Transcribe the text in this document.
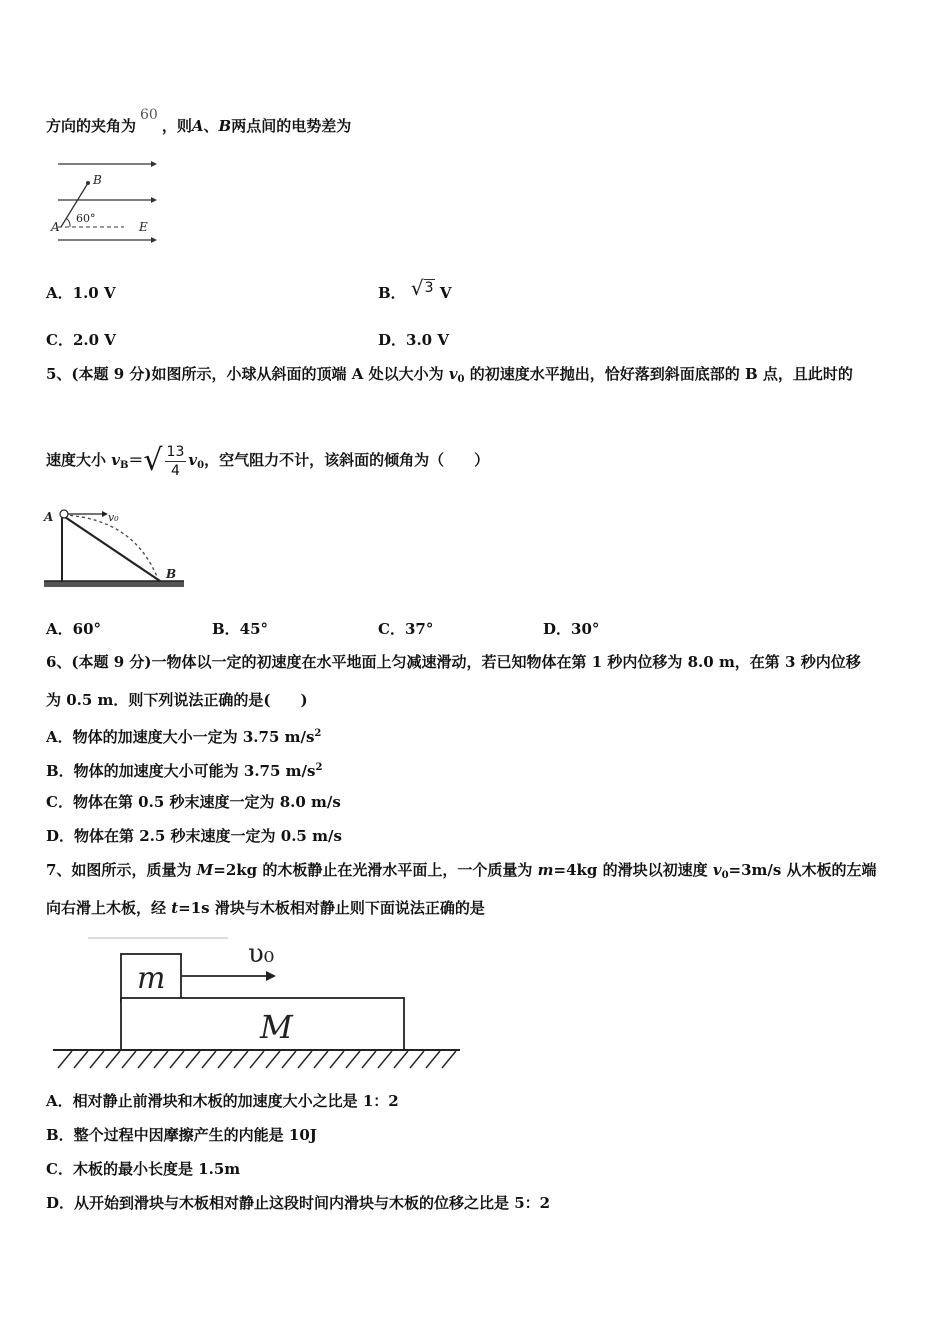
方向的夹角为60，则A、B两点间的电势差为
B
A	E
60°
A．1.0 V	B． √3 V
C．2.0 V	D．3.0 V
5、(本题 9 分)如图所示，小球从斜面的顶端 A 处以大小为 $v_0$ 的初速度水平抛出，恰好落到斜面底部的 B 点，且此时的
速度大小 $v_B=√ \frac{13}{4} v_0$，空气阻力不计，该斜面的倾角为（　　）
A	v₀
B
A．60°	B．45°	C．37°	D．30°
6、(本题 9 分)一物体以一定的初速度在水平地面上匀减速滑动，若已知物体在第 1 秒内位移为 8.0 m，在第 3 秒内位移
为 0.5 m．则下列说法正确的是(　　)
A．物体的加速度大小一定为 3.75 $m/s^2$
B．物体的加速度大小可能为 3.75 $m/s^2$
C．物体在第 0.5 秒末速度一定为 8.0 m/s
D．物体在第 2.5 秒末速度一定为 0.5 m/s
7、如图所示，质量为 M=2kg 的木板静止在光滑水平面上，一个质量为 m=4kg 的滑块以初速度 $v_0=3m/s$ 从木板的左端
向右滑上木板，经 t=1s 滑块与木板相对静止则下面说法正确的是
m
M
υ₀
A．相对静止前滑块和木板的加速度大小之比是 1：2
B．整个过程中因摩擦产生的内能是 10J
C．木板的最小长度是 1.5m
D．从开始到滑块与木板相对静止这段时间内滑块与木板的位移之比是 5：2
